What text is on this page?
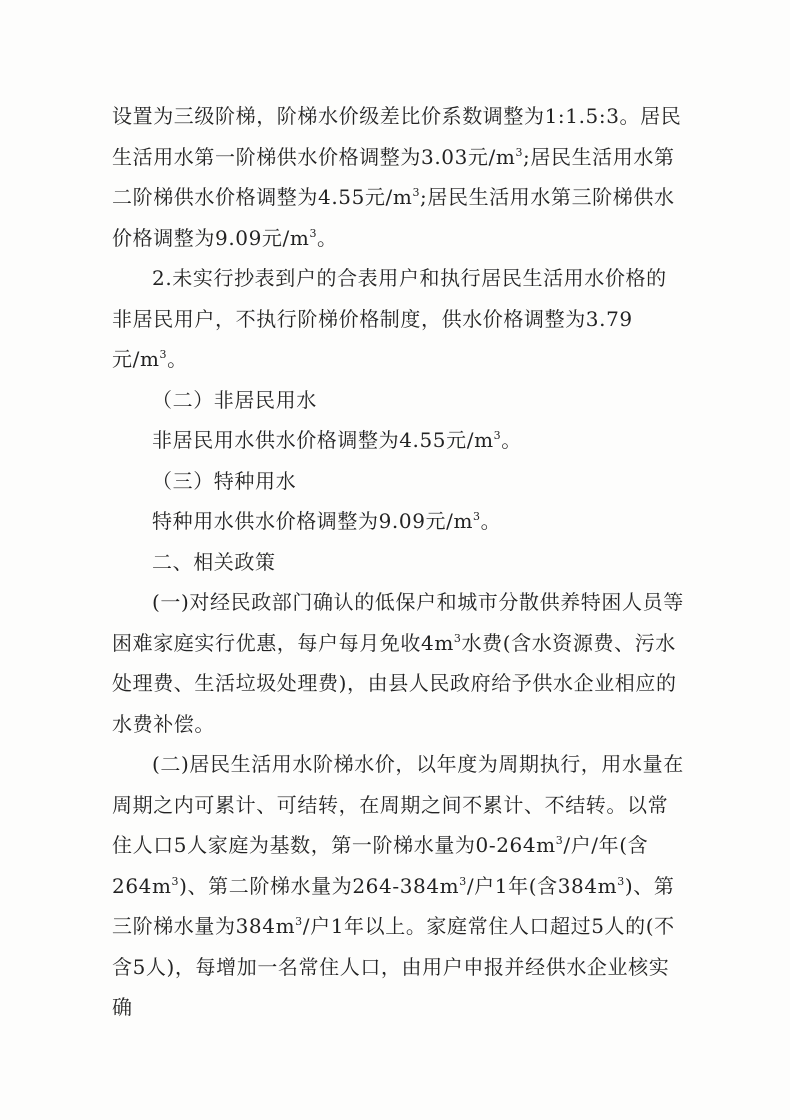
设置为三级阶梯，阶梯水价级差比价系数调整为1:1.5:3。居民生活用水第一阶梯供水价格调整为3.03元$/m^3$;居民生活用水第二阶梯供水价格调整为4.55元$/m^3$;居民生活用水第三阶梯供水价格调整为9.09元$/m^3$。

2.未实行抄表到户的合表用户和执行居民生活用水价格的非居民用户，不执行阶梯价格制度，供水价格调整为3.79元$/m^3$。

（二）非居民用水

非居民用水供水价格调整为4.55元$/m^3$。

（三）特种用水

特种用水供水价格调整为9.09元$/m^3$。

二、相关政策

(一)对经民政部门确认的低保户和城市分散供养特困人员等困难家庭实行优惠，每户每月免收$4m^3$水费(含水资源费、污水处理费、生活垃圾处理费)，由县人民政府给予供水企业相应的水费补偿。

(二)居民生活用水阶梯水价，以年度为周期执行，用水量在周期之内可累计、可结转，在周期之间不累计、不结转。以常住人口5人家庭为基数，第一阶梯水量为$0-264m^3/$户/年(含$264m^3$)、第二阶梯水量为$264-384m^3/$户1年(含$384m^3$)、第三阶梯水量为$384m^3/$户1年以上。家庭常住人口超过5人的(不含5人)，每增加一名常住人口，由用户申报并经供水企业核实确
